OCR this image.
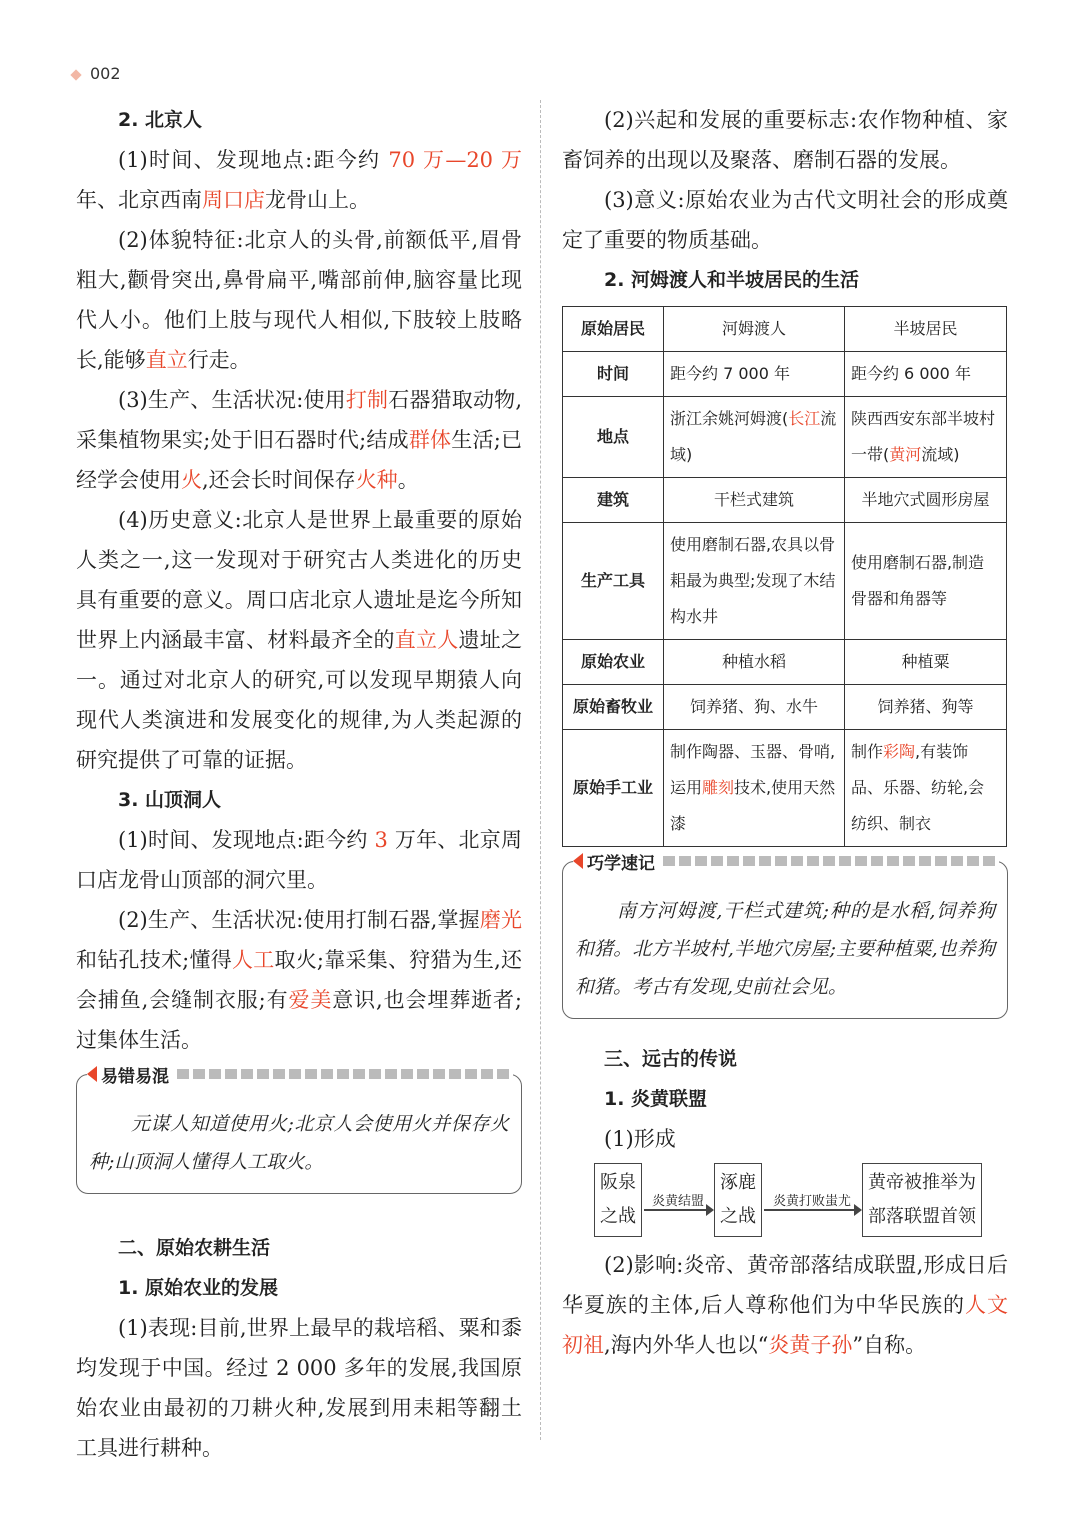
002
2. 北京人

(1)时间、发现地点:距今约 70 万—20 万年、北京西南周口店龙骨山上。

(2)体貌特征:北京人的头骨,前额低平,眉骨粗大,颧骨突出,鼻骨扁平,嘴部前伸,脑容量比现代人小。他们上肢与现代人相似,下肢较上肢略长,能够直立行走。

(3)生产、生活状况:使用打制石器猎取动物,采集植物果实;处于旧石器时代;结成群体生活;已经学会使用火,还会长时间保存火种。

(4)历史意义:北京人是世界上最重要的原始人类之一,这一发现对于研究古人类进化的历史具有重要的意义。周口店北京人遗址是迄今所知世界上内涵最丰富、材料最齐全的直立人遗址之一。通过对北京人的研究,可以发现早期猿人向现代人类演进和发展变化的规律,为人类起源的研究提供了可靠的证据。

3. 山顶洞人

(1)时间、发现地点:距今约 3 万年、北京周口店龙骨山顶部的洞穴里。

(2)生产、生活状况:使用打制石器,掌握磨光和钻孔技术;懂得人工取火;靠采集、狩猎为生,还会捕鱼,会缝制衣服;有爱美意识,也会埋葬逝者;过集体生活。

易错易混

元谋人知道使用火;北京人会使用火并保存火种;山顶洞人懂得人工取火。

二、原始农耕生活
1. 原始农业的发展

(1)表现:目前,世界上最早的栽培稻、粟和黍均发现于中国。经过 2 000 多年的发展,我国原始农业由最初的刀耕火种,发展到用耒耜等翻土工具进行耕种。

(2)兴起和发展的重要标志:农作物种植、家畜饲养的出现以及聚落、磨制石器的发展。

(3)意义:原始农业为古代文明社会的形成奠定了重要的物质基础。

2. 河姆渡人和半坡居民的生活
原始居民	河姆渡人	半坡居民
时间	距今约 7 000 年	距今约 6 000 年
地点	浙江余姚河姆渡(长江流域)	陕西西安东部半坡村一带(黄河流域)
建筑	干栏式建筑	半地穴式圆形房屋
生产工具	使用磨制石器,农具以骨耜最为典型;发现了木结构水井	使用磨制石器,制造骨器和角器等
原始农业	种植水稻	种植粟
原始畜牧业	饲养猪、狗、水牛	饲养猪、狗等
原始手工业	制作陶器、玉器、骨哨,运用雕刻技术,使用天然漆	制作彩陶,有装饰品、乐器、纺轮,会纺织、制衣
巧学速记

南方河姆渡,干栏式建筑;种的是水稻,饲养狗和猪。北方半坡村,半地穴房屋;主要种植粟,也养狗和猪。考古有发现,史前社会见。

三、远古的传说
1. 炎黄联盟

(1)形成

阪泉之战
炎黄结盟
涿鹿之战
炎黄打败蚩尤
黄帝被推举为部落联盟首领

(2)影响:炎帝、黄帝部落结成联盟,形成日后华夏族的主体,后人尊称他们为中华民族的人文初祖,海内外华人也以“炎黄子孙”自称。
